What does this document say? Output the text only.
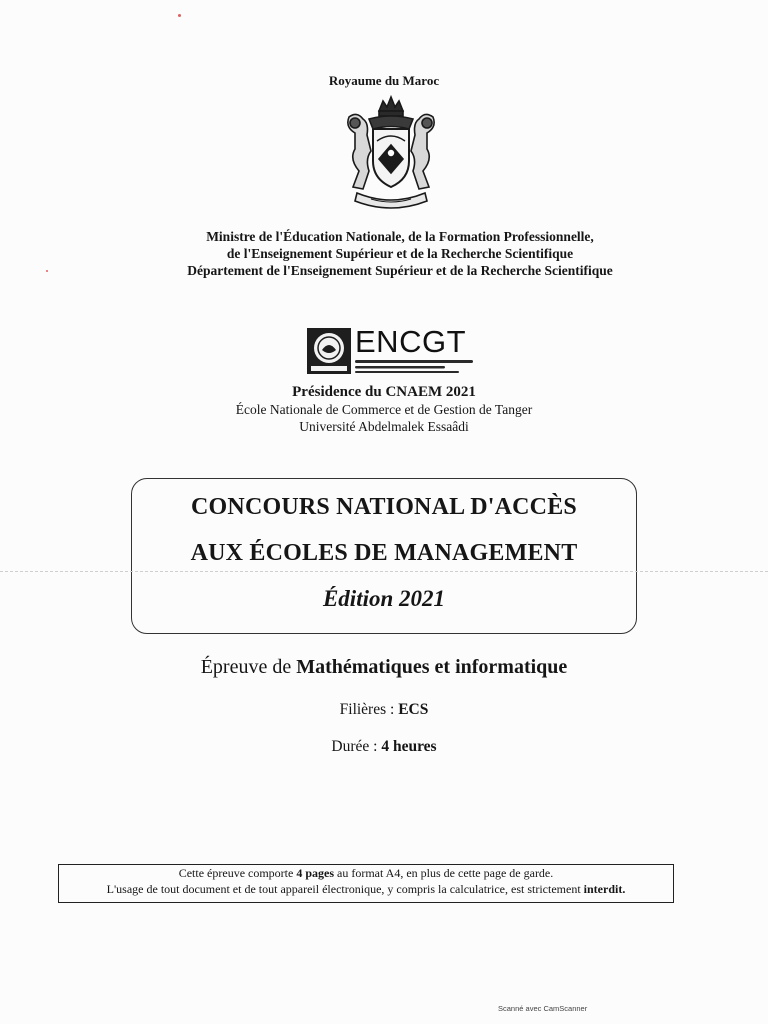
Royaume du Maroc
Ministre de l'Éducation Nationale, de la Formation Professionnelle,
de l'Enseignement Supérieur et de la Recherche Scientifique
Département de l'Enseignement Supérieur et de la Recherche Scientifique
ENCGT
Présidence du CNAEM 2021
École Nationale de Commerce et de Gestion de Tanger
Université Abdelmalek Essaâdi
CONCOURS NATIONAL D'ACCÈS
AUX ÉCOLES DE MANAGEMENT
Édition 2021
Épreuve de Mathématiques et informatique
Filières : ECS
Durée : 4 heures
Cette épreuve comporte 4 pages au format A4, en plus de cette page de garde.
L'usage de tout document et de tout appareil électronique, y compris la calculatrice, est strictement interdit.
Scanné avec CamScanner
